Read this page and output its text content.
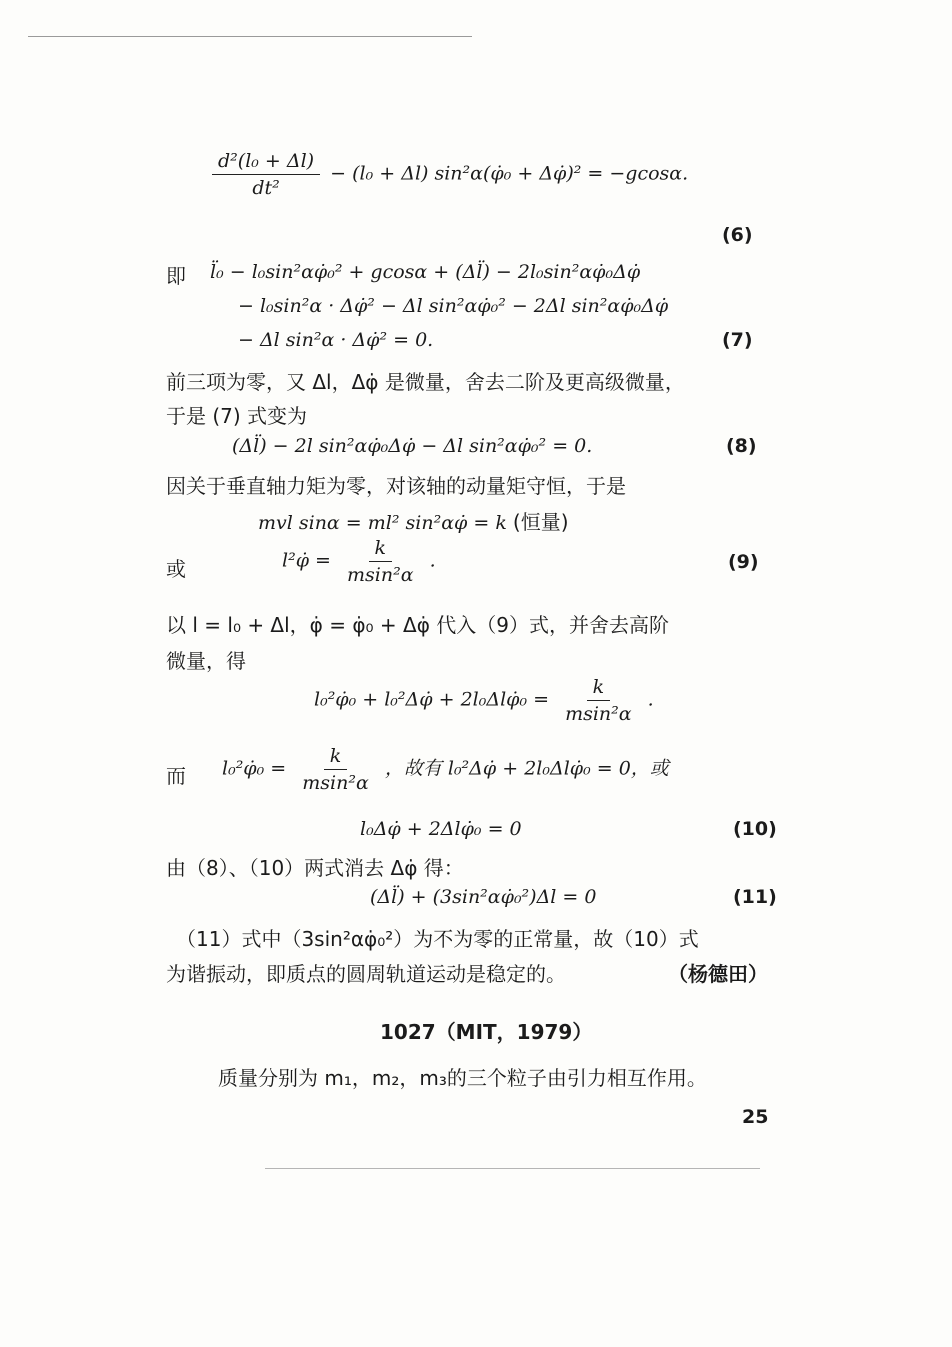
$\frac{\text{d²(l₀ + Δl)}}{\text{dt²}} - (l_0 + \Delta l)$ sin²α(φ̇₀ + Δφ̇)² = −gcosα.
(6)
即 l̈₀ − l₀sin²αφ̇₀² + gcosα + (Δl̈) − 2l₀sin²αφ̇₀Δφ̇
− l₀sin²α · Δφ̇² − Δl sin²αφ̇₀² − 2Δl sin²αφ̇₀Δφ̇
− Δl sin²α · Δφ̇² = 0.	(7)
前三项为零，又 Δl，Δφ̇ 是微量，舍去二阶及更高级微量，
于是 (7) 式变为
(Δl̈) − 2l sin²αφ̇₀Δφ̇ − Δl sin²αφ̇₀² = 0.	(8)
因关于垂直轴力矩为零，对该轴的动量矩守恒，于是
mvl sinα = ml² sin²αφ̇ = k (恒量)
或	l²φ̇ = $\frac{k}{\text{msin²α}}$ .	(9)
以 l = l₀ + Δl，φ̇ = φ̇₀ + Δφ̇ 代入（9）式，并舍去高阶
微量，得
l₀²φ̇₀ + l₀²Δφ̇ + 2l₀Δlφ̇₀ = $\frac{k}{\text{msin²α}}$ .
而 l₀²φ̇₀ = $\frac{k}{\text{msin²α}}$ ，故有 l₀²Δφ̇ + 2l₀Δlφ̇₀ = 0，或
l₀Δφ̇ + 2Δlφ̇₀ = 0	(10)
由（8）、（10）两式消去 Δφ̇ 得：
(Δl̈) + (3sin²αφ̇₀²)Δl = 0	(11)
（11）式中（3sin²αφ̇₀²）为不为零的正常量，故（10）式
为谐振动，即质点的圆周轨道运动是稳定的。	（杨德田）
1027（MIT，1979）
质量分别为 m₁，m₂，m₃的三个粒子由引力相互作用。
25
